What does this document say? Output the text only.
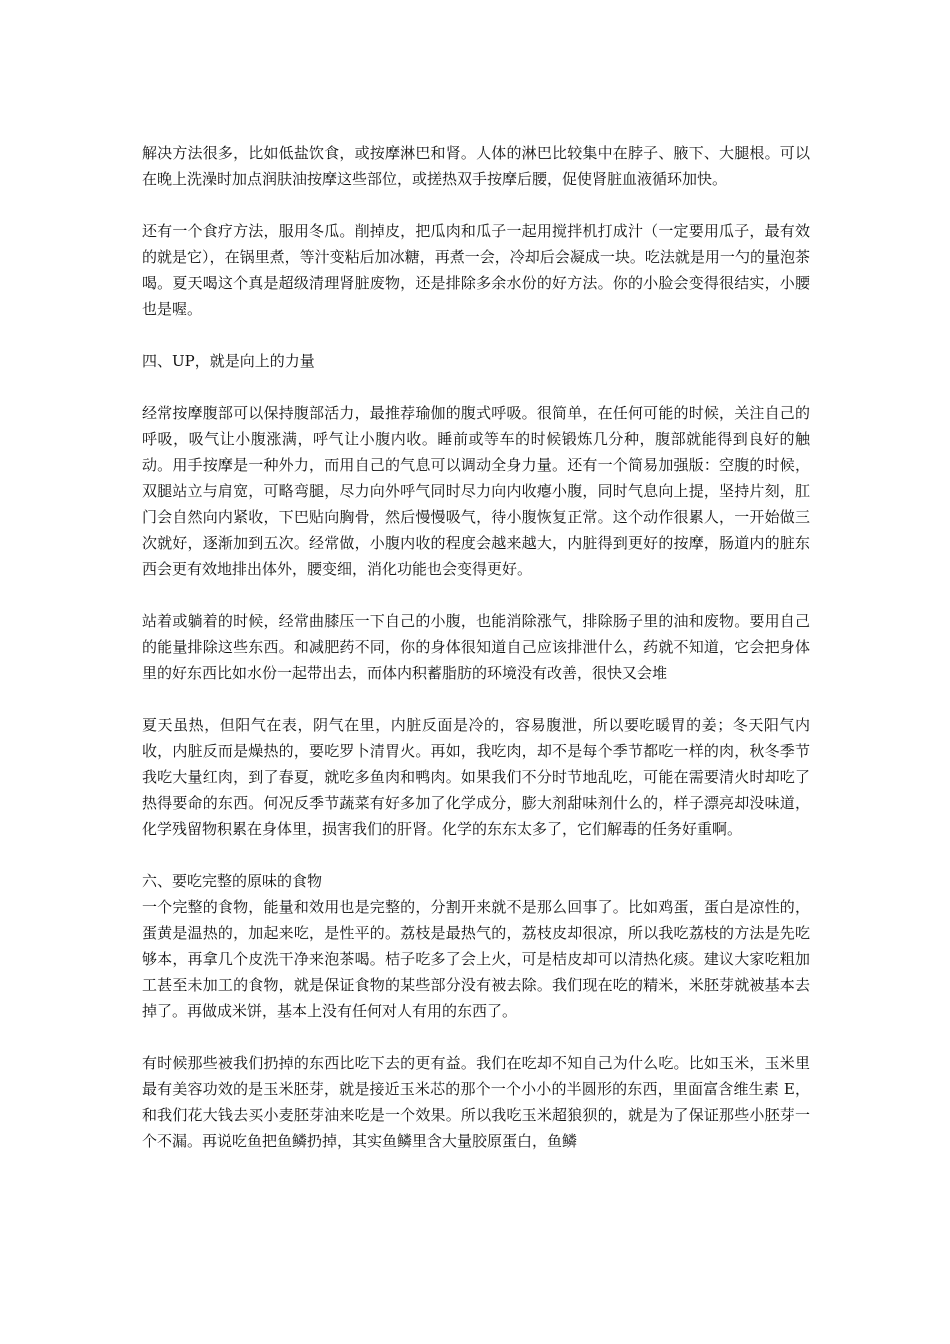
解决方法很多，比如低盐饮食，或按摩淋巴和肾。人体的淋巴比较集中在脖子、腋下、大腿根。可以在晚上洗澡时加点润肤油按摩这些部位，或搓热双手按摩后腰，促使肾脏血液循环加快。

还有一个食疗方法，服用冬瓜。削掉皮，把瓜肉和瓜子一起用搅拌机打成汁（一定要用瓜子，最有效的就是它），在锅里煮，等汁变粘后加冰糖，再煮一会，冷却后会凝成一块。吃法就是用一勺的量泡茶喝。夏天喝这个真是超级清理肾脏废物，还是排除多余水份的好方法。你的小脸会变得很结实，小腰也是喔。

四、UP，就是向上的力量

经常按摩腹部可以保持腹部活力，最推荐瑜伽的腹式呼吸。很简单，在任何可能的时候，关注自己的呼吸，吸气让小腹涨满，呼气让小腹内收。睡前或等车的时候锻炼几分种，腹部就能得到良好的触动。用手按摩是一种外力，而用自己的气息可以调动全身力量。还有一个简易加强版：空腹的时候，双腿站立与肩宽，可略弯腿，尽力向外呼气同时尽力向内收瘪小腹，同时气息向上提，坚持片刻，肛门会自然向内紧收，下巴贴向胸骨，然后慢慢吸气，待小腹恢复正常。这个动作很累人，一开始做三次就好，逐渐加到五次。经常做，小腹内收的程度会越来越大，内脏得到更好的按摩，肠道内的脏东西会更有效地排出体外，腰变细，消化功能也会变得更好。

站着或躺着的时候，经常曲膝压一下自己的小腹，也能消除涨气，排除肠子里的油和废物。要用自己的能量排除这些东西。和减肥药不同，你的身体很知道自己应该排泄什么，药就不知道，它会把身体里的好东西比如水份一起带出去，而体内积蓄脂肪的环境没有改善，很快又会堆

夏天虽热，但阳气在表，阴气在里，内脏反面是冷的，容易腹泄，所以要吃暖胃的姜；冬天阳气内收，内脏反而是燥热的，要吃罗卜清胃火。再如，我吃肉，却不是每个季节都吃一样的肉，秋冬季节我吃大量红肉，到了春夏，就吃多鱼肉和鸭肉。如果我们不分时节地乱吃，可能在需要清火时却吃了热得要命的东西。何况反季节蔬菜有好多加了化学成分，膨大剂甜味剂什么的，样子漂亮却没味道，化学残留物积累在身体里，损害我们的肝肾。化学的东东太多了，它们解毒的任务好重啊。

六、要吃完整的原味的食物

一个完整的食物，能量和效用也是完整的，分割开来就不是那么回事了。比如鸡蛋，蛋白是凉性的，蛋黄是温热的，加起来吃，是性平的。荔枝是最热气的，荔枝皮却很凉，所以我吃荔枝的方法是先吃够本，再拿几个皮洗干净来泡茶喝。桔子吃多了会上火，可是桔皮却可以清热化痰。建议大家吃粗加工甚至未加工的食物，就是保证食物的某些部分没有被去除。我们现在吃的精米，米胚芽就被基本去掉了。再做成米饼，基本上没有任何对人有用的东西了。

有时候那些被我们扔掉的东西比吃下去的更有益。我们在吃却不知自己为什么吃。比如玉米，玉米里最有美容功效的是玉米胚芽，就是接近玉米芯的那个一个小小的半圆形的东西，里面富含维生素 E，和我们花大钱去买小麦胚芽油来吃是一个效果。所以我吃玉米超狼狈的，就是为了保证那些小胚芽一个不漏。再说吃鱼把鱼鳞扔掉，其实鱼鳞里含大量胶原蛋白，鱼鳞
